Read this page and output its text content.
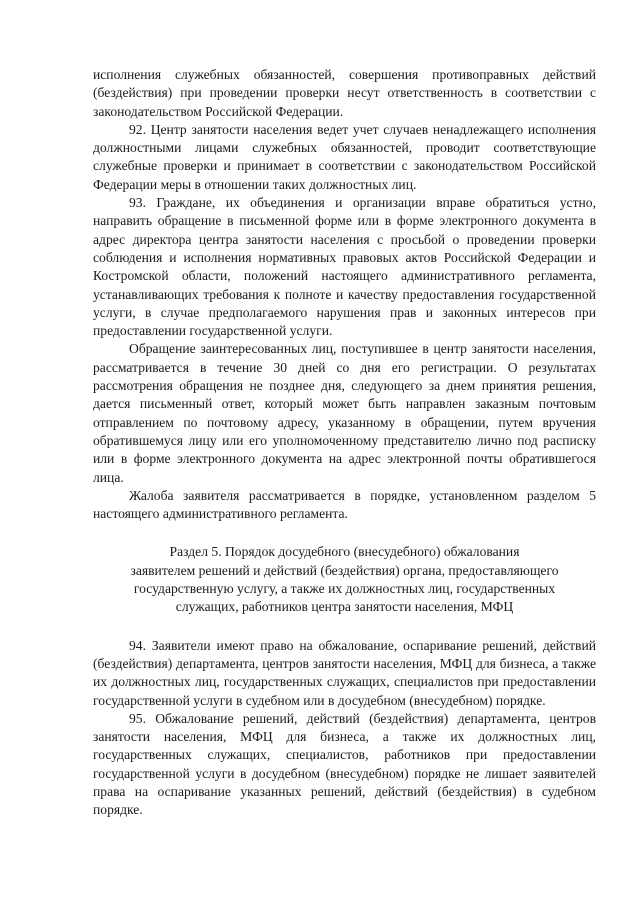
исполнения служебных обязанностей, совершения противоправных действий (бездействия) при проведении проверки несут ответственность в соответствии с законодательством Российской Федерации.

92. Центр занятости населения ведет учет случаев ненадлежащего исполнения должностными лицами служебных обязанностей, проводит соответствующие служебные проверки и принимает в соответствии с законодательством Российской Федерации меры в отношении таких должностных лиц.

93. Граждане, их объединения и организации вправе обратиться устно, направить обращение в письменной форме или в форме электронного документа в адрес директора центра занятости населения с просьбой о проведении проверки соблюдения и исполнения нормативных правовых актов Российской Федерации и Костромской области, положений настоящего административного регламента, устанавливающих требования к полноте и качеству предоставления государственной услуги, в случае предполагаемого нарушения прав и законных интересов при предоставлении государственной услуги.

Обращение заинтересованных лиц, поступившее в центр занятости населения, рассматривается в течение 30 дней со дня его регистрации. О результатах рассмотрения обращения не позднее дня, следующего за днем принятия решения, дается письменный ответ, который может быть направлен заказным почтовым отправлением по почтовому адресу, указанному в обращении, путем вручения обратившемуся лицу или его уполномоченному представителю лично под расписку или в форме электронного документа на адрес электронной почты обратившегося лица.

Жалоба заявителя рассматривается в порядке, установленном разделом 5 настоящего административного регламента.

Раздел 5. Порядок досудебного (внесудебного) обжалования
заявителем решений и действий (бездействия) органа, предоставляющего
государственную услугу, а также их должностных лиц, государственных
служащих, работников центра занятости населения, МФЦ

94. Заявители имеют право на обжалование, оспаривание решений, действий (бездействия) департамента, центров занятости населения, МФЦ для бизнеса, а также их должностных лиц, государственных служащих, специалистов при предоставлении государственной услуги в судебном или в досудебном (внесудебном) порядке.

95. Обжалование решений, действий (бездействия) департамента, центров занятости населения, МФЦ для бизнеса, а также их должностных лиц, государственных служащих, специалистов, работников при предоставлении государственной услуги в досудебном (внесудебном) порядке не лишает заявителей права на оспаривание указанных решений, действий (бездействия) в судебном порядке.
